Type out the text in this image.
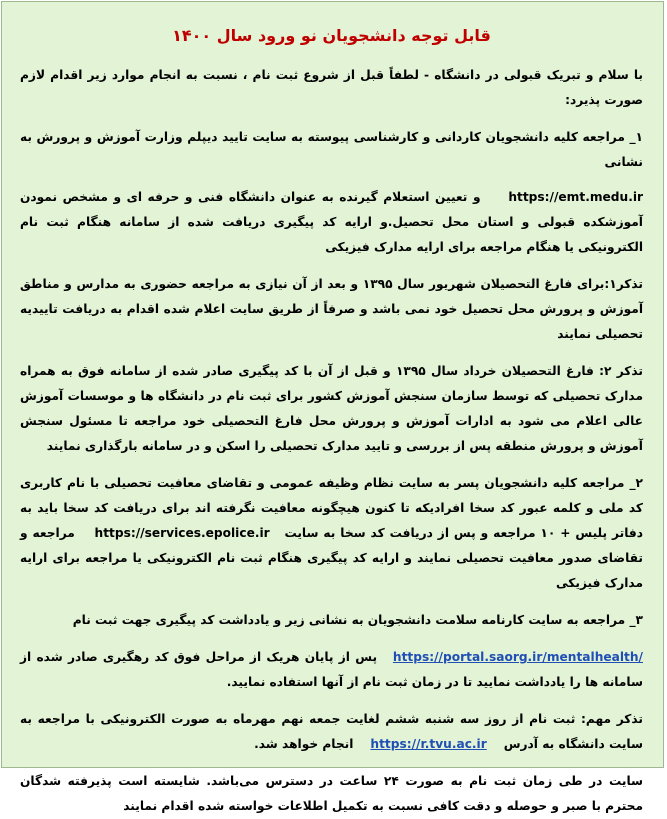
قابل توجه دانشجویان نو ورود سال ۱۴۰۰

با سلام و تبریک قبولی در دانشگاه - لطفاً قبل از شروع ثبت نام ، نسبت به انجام موارد زیر اقدام لازم صورت پذیرد:

۱_ مراجعه کلیه دانشجویان کاردانی و کارشناسی پیوسته به سایت تایید دیپلم وزارت آموزش و پرورش به نشانی

https://emt.medu.ir     و تعیین استعلام گیرنده به عنوان دانشگاه فنی و حرفه ای و مشخص نمودن آموزشکده قبولی و استان محل تحصیل.و ارایه کد پیگیری دریافت شده از سامانه هنگام ثبت نام الکترونیکی یا هنگام مراجعه برای ارایه مدارک فیزیکی

تذکر۱:برای فارغ التحصیلان شهریور سال ۱۳۹۵ و بعد از آن نیازی به مراجعه حضوری به مدارس و مناطق آموزش و پرورش محل تحصیل خود نمی باشد و صرفاً از طریق سایت اعلام شده اقدام به دریافت تاییدیه تحصیلی نمایند

تذکر ۲: فارغ التحصیلان خرداد سال ۱۳۹۵ و قبل از آن با کد پیگیری صادر شده از سامانه فوق به همراه مدارک تحصیلی که توسط سازمان سنجش آموزش کشور برای ثبت نام در دانشگاه ها و موسسات آموزش عالی اعلام می شود به ادارات آموزش و پرورش محل فارغ التحصیلی خود مراجعه تا مسئول سنجش آموزش و پرورش منطقه پس از بررسی و تایید مدارک تحصیلی را اسکن و در سامانه بارگذاری نمایند

۲_ مراجعه کلیه دانشجویان پسر به سایت نظام وظیفه عمومی و تقاضای معافیت تحصیلی با نام کاربری کد ملی و کلمه عبور کد سخا افرادیکه تا کنون هیچگونه معافیت نگرفته اند برای دریافت کد سخا باید به دفاتر پلیس + ۱۰ مراجعه و پس از دریافت کد سخا به سایت   https://services.epolice.ir    مراجعه و تقاضای صدور معافیت تحصیلی نمایند و ارایه کد پیگیری هنگام ثبت نام الکترونیکی یا مراجعه برای ارایه مدارک فیزیکی

۳_ مراجعه به سایت کارنامه سلامت دانشجویان به نشانی زیر و یادداشت کد پیگیری جهت ثبت نام

https://portal.saorg.ir/mentalhealth/   پس از پایان هریک از مراحل فوق کد رهگیری صادر شده از سامانه ها را یادداشت نمایید تا در زمان ثبت نام از آنها استفاده نمایید.

تذکر مهم: ثبت نام از روز سه شنبه ششم لغایت جمعه نهم مهرماه به صورت الکترونیکی با مراجعه به سایت دانشگاه به آدرس    https://r.tvu.ac.ir    انجام خواهد شد.

سایت در طی زمان ثبت نام به صورت ۲۴ ساعت در دسترس می‌باشد. شایسته است پذیرفته شدگان محترم با صبر و حوصله و دقت کافی نسبت به تکمیل اطلاعات خواسته شده اقدام نمایند
